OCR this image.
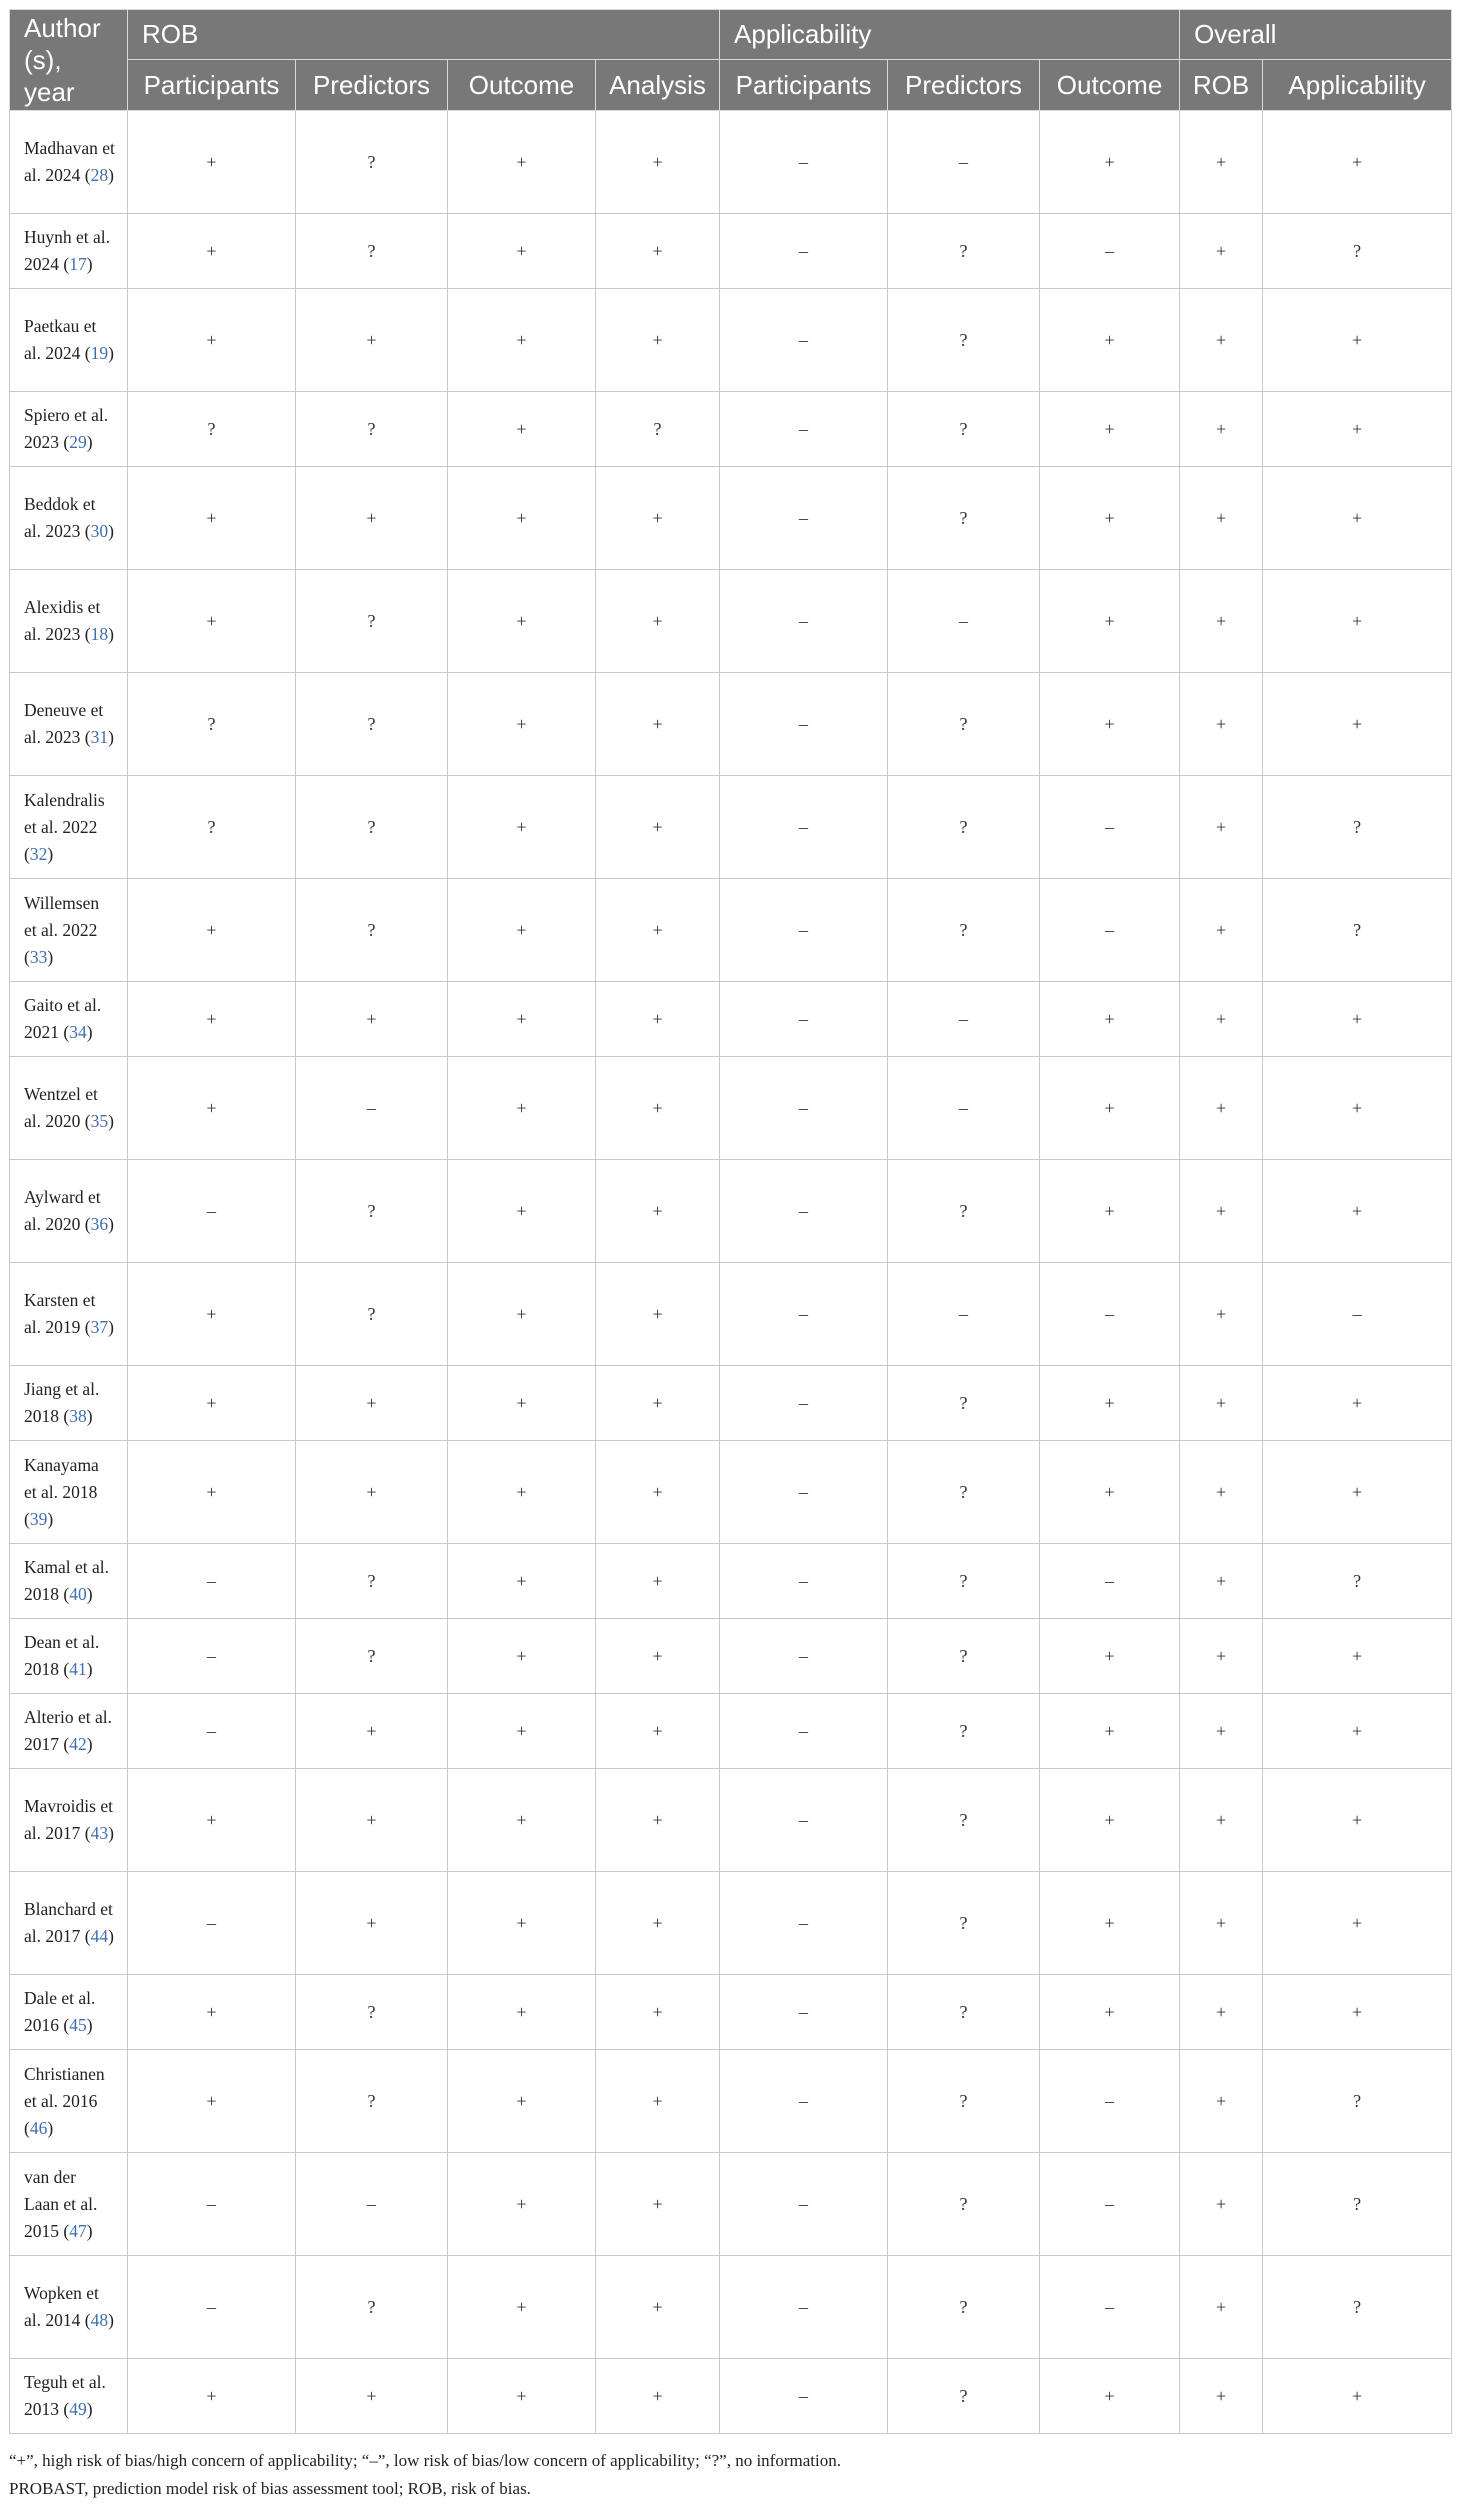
Author (s), year	ROB				Applicability			Overall	
	Participants	Predictors	Outcome	Analysis	Participants	Predictors	Outcome	ROB	Applicability
Madhavan et al. 2024 (28)	+	?	+	+	–	–	+	+	+
Huynh et al. 2024 (17)	+	?	+	+	–	?	–	+	?
Paetkau et al. 2024 (19)	+	+	+	+	–	?	+	+	+
Spiero et al. 2023 (29)	?	?	+	?	–	?	+	+	+
Beddok et al. 2023 (30)	+	+	+	+	–	?	+	+	+
Alexidis et al. 2023 (18)	+	?	+	+	–	–	+	+	+
Deneuve et al. 2023 (31)	?	?	+	+	–	?	+	+	+
Kalendralis et al. 2022 (32)	?	?	+	+	–	?	–	+	?
Willemsen et al. 2022 (33)	+	?	+	+	–	?	–	+	?
Gaito et al. 2021 (34)	+	+	+	+	–	–	+	+	+
Wentzel et al. 2020 (35)	+	–	+	+	–	–	+	+	+
Aylward et al. 2020 (36)	–	?	+	+	–	?	+	+	+
Karsten et al. 2019 (37)	+	?	+	+	–	–	–	+	–
Jiang et al. 2018 (38)	+	+	+	+	–	?	+	+	+
Kanayama et al. 2018 (39)	+	+	+	+	–	?	+	+	+
Kamal et al. 2018 (40)	–	?	+	+	–	?	–	+	?
Dean et al. 2018 (41)	–	?	+	+	–	?	+	+	+
Alterio et al. 2017 (42)	–	+	+	+	–	?	+	+	+
Mavroidis et al. 2017 (43)	+	+	+	+	–	?	+	+	+
Blanchard et al. 2017 (44)	–	+	+	+	–	?	+	+	+
Dale et al. 2016 (45)	+	?	+	+	–	?	+	+	+
Christianen et al. 2016 (46)	+	?	+	+	–	?	–	+	?
van der Laan et al. 2015 (47)	–	–	+	+	–	?	–	+	?
Wopken et al. 2014 (48)	–	?	+	+	–	?	–	+	?
Teguh et al. 2013 (49)	+	+	+	+	–	?	+	+	+

“+”, high risk of bias/high concern of applicability; “–”, low risk of bias/low concern of applicability; “?”, no information.

PROBAST, prediction model risk of bias assessment tool; ROB, risk of bias.
